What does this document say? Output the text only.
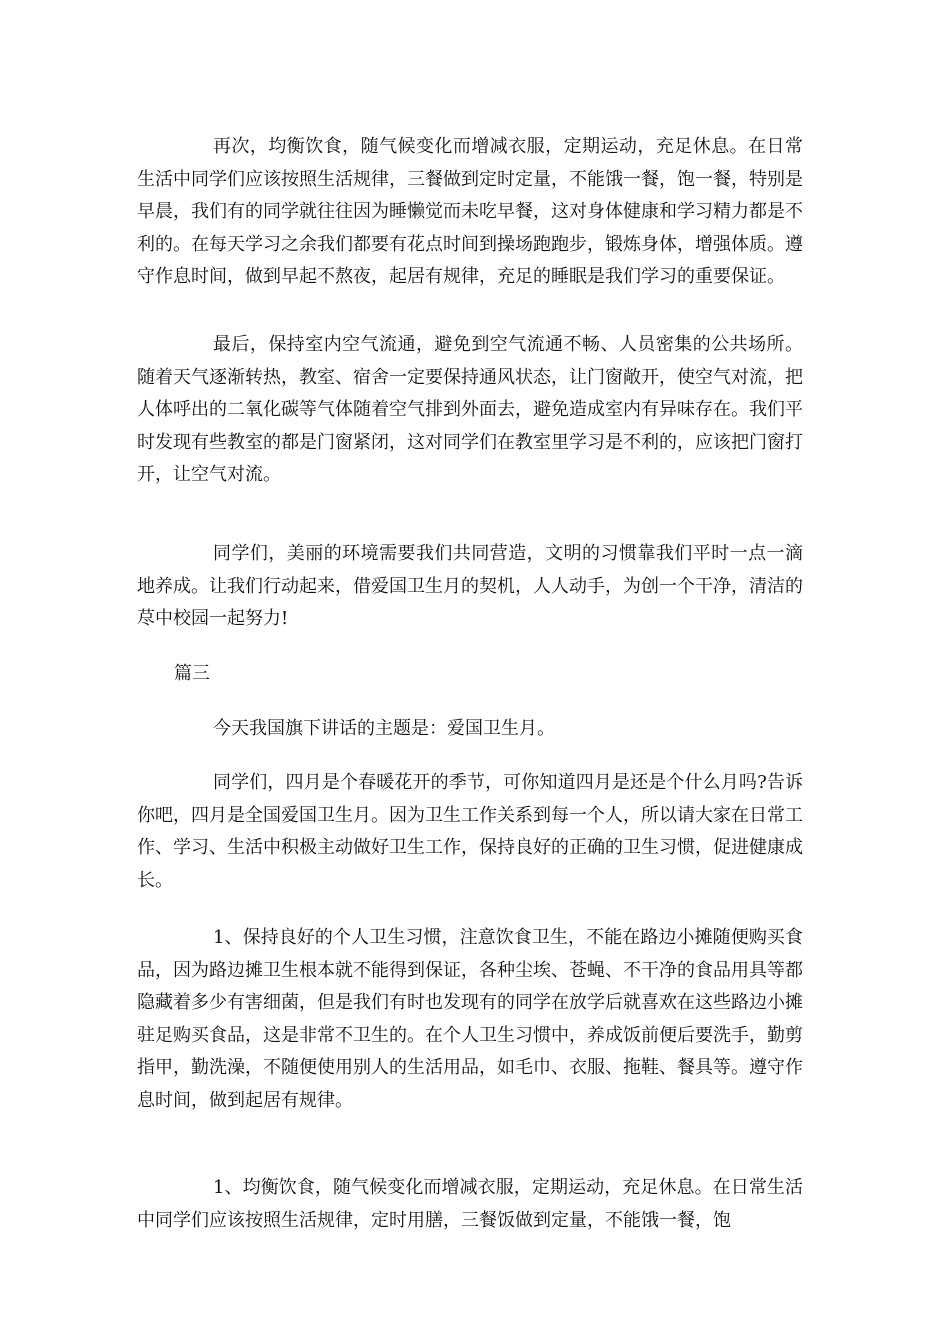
再次，均衡饮食，随气候变化而增减衣服，定期运动，充足休息。在日常生活中同学们应该按照生活规律，三餐做到定时定量，不能饿一餐，饱一餐，特别是早晨，我们有的同学就往往因为睡懒觉而未吃早餐，这对身体健康和学习精力都是不利的。在每天学习之余我们都要有花点时间到操场跑跑步，锻炼身体，增强体质。遵守作息时间，做到早起不熬夜，起居有规律，充足的睡眠是我们学习的重要保证。

最后，保持室内空气流通，避免到空气流通不畅、人员密集的公共场所。随着天气逐渐转热，教室、宿舍一定要保持通风状态，让门窗敞开，使空气对流，把人体呼出的二氧化碳等气体随着空气排到外面去，避免造成室内有异味存在。我们平时发现有些教室的都是门窗紧闭，这对同学们在教室里学习是不利的，应该把门窗打开，让空气对流。

同学们，美丽的环境需要我们共同营造，文明的习惯靠我们平时一点一滴地养成。让我们行动起来，借爱国卫生月的契机，人人动手，为创一个干净，清洁的荩中校园一起努力!

篇三

今天我国旗下讲话的主题是：爱国卫生月。

同学们，四月是个春暖花开的季节，可你知道四月是还是个什么月吗?告诉你吧，四月是全国爱国卫生月。因为卫生工作关系到每一个人，所以请大家在日常工作、学习、生活中积极主动做好卫生工作，保持良好的正确的卫生习惯，促进健康成长。

1、保持良好的个人卫生习惯，注意饮食卫生，不能在路边小摊随便购买食品，因为路边摊卫生根本就不能得到保证，各种尘埃、苍蝇、不干净的食品用具等都隐藏着多少有害细菌，但是我们有时也发现有的同学在放学后就喜欢在这些路边小摊驻足购买食品，这是非常不卫生的。在个人卫生习惯中，养成饭前便后要洗手，勤剪指甲，勤洗澡，不随便使用别人的生活用品，如毛巾、衣服、拖鞋、餐具等。遵守作息时间，做到起居有规律。

1、均衡饮食，随气候变化而增减衣服，定期运动，充足休息。在日常生活中同学们应该按照生活规律，定时用膳，三餐饭做到定量，不能饿一餐，饱
